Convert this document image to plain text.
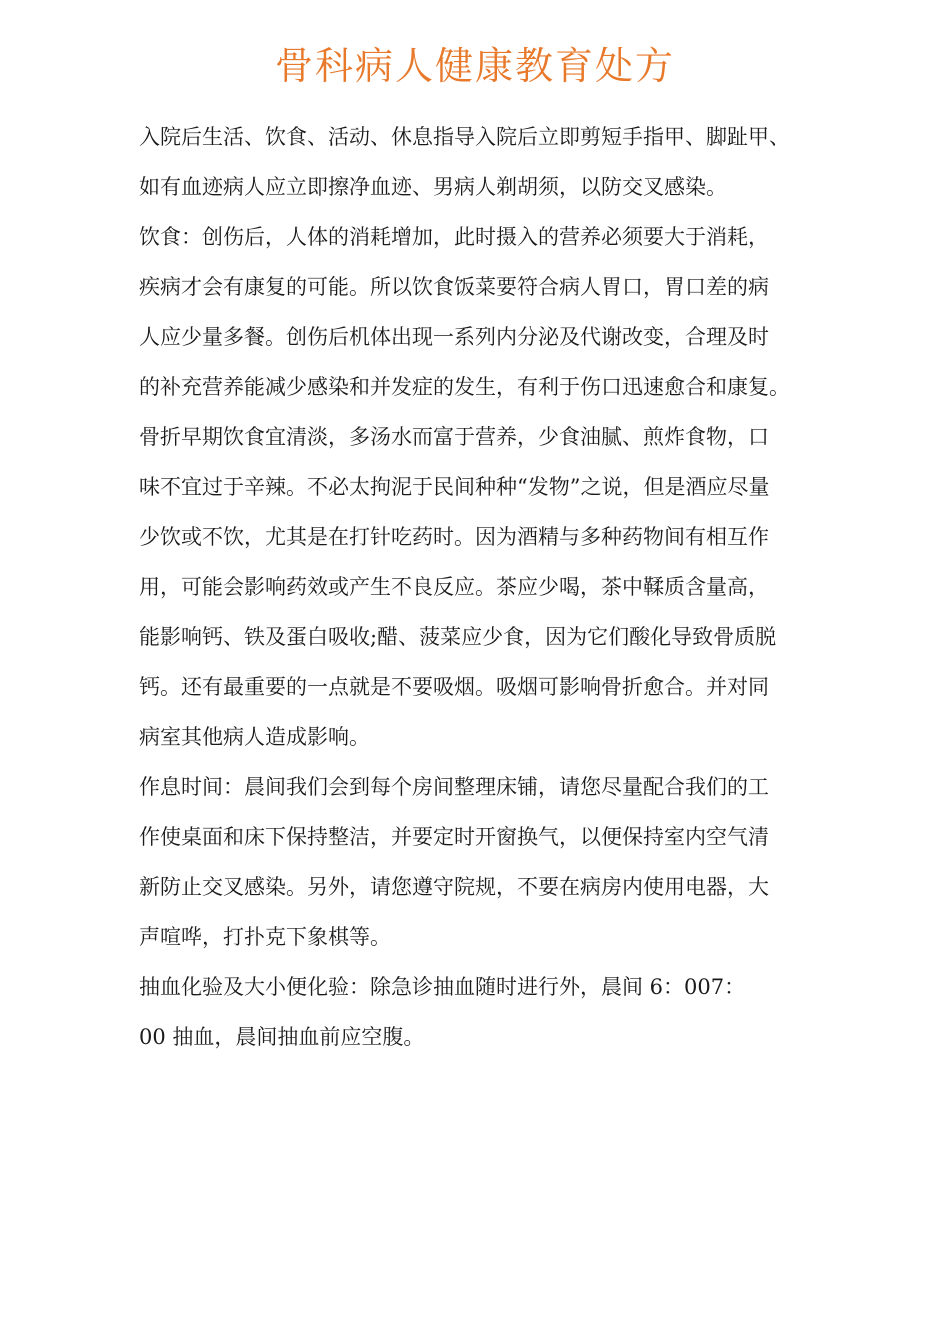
骨科病人健康教育处方
入院后生活、饮食、活动、休息指导入院后立即剪短手指甲、脚趾甲、
如有血迹病人应立即擦净血迹、男病人剃胡须，以防交叉感染。
饮食：创伤后，人体的消耗增加，此时摄入的营养必须要大于消耗，
疾病才会有康复的可能。所以饮食饭菜要符合病人胃口，胃口差的病
人应少量多餐。创伤后机体出现一系列内分泌及代谢改变，合理及时
的补充营养能减少感染和并发症的发生，有利于伤口迅速愈合和康复。
骨折早期饮食宜清淡，多汤水而富于营养，少食油腻、煎炸食物，口
味不宜过于辛辣。不必太拘泥于民间种种“发物”之说，但是酒应尽量
少饮或不饮，尤其是在打针吃药时。因为酒精与多种药物间有相互作
用，可能会影响药效或产生不良反应。茶应少喝，茶中鞣质含量高，
能影响钙、铁及蛋白吸收;醋、菠菜应少食，因为它们酸化导致骨质脱
钙。还有最重要的一点就是不要吸烟。吸烟可影响骨折愈合。并对同
病室其他病人造成影响。
作息时间：晨间我们会到每个房间整理床铺，请您尽量配合我们的工
作使桌面和床下保持整洁，并要定时开窗换气，以便保持室内空气清
新防止交叉感染。另外，请您遵守院规，不要在病房内使用电器，大
声喧哗，打扑克下象棋等。
抽血化验及大小便化验：除急诊抽血随时进行外，晨间 6：007：
00 抽血，晨间抽血前应空腹。
